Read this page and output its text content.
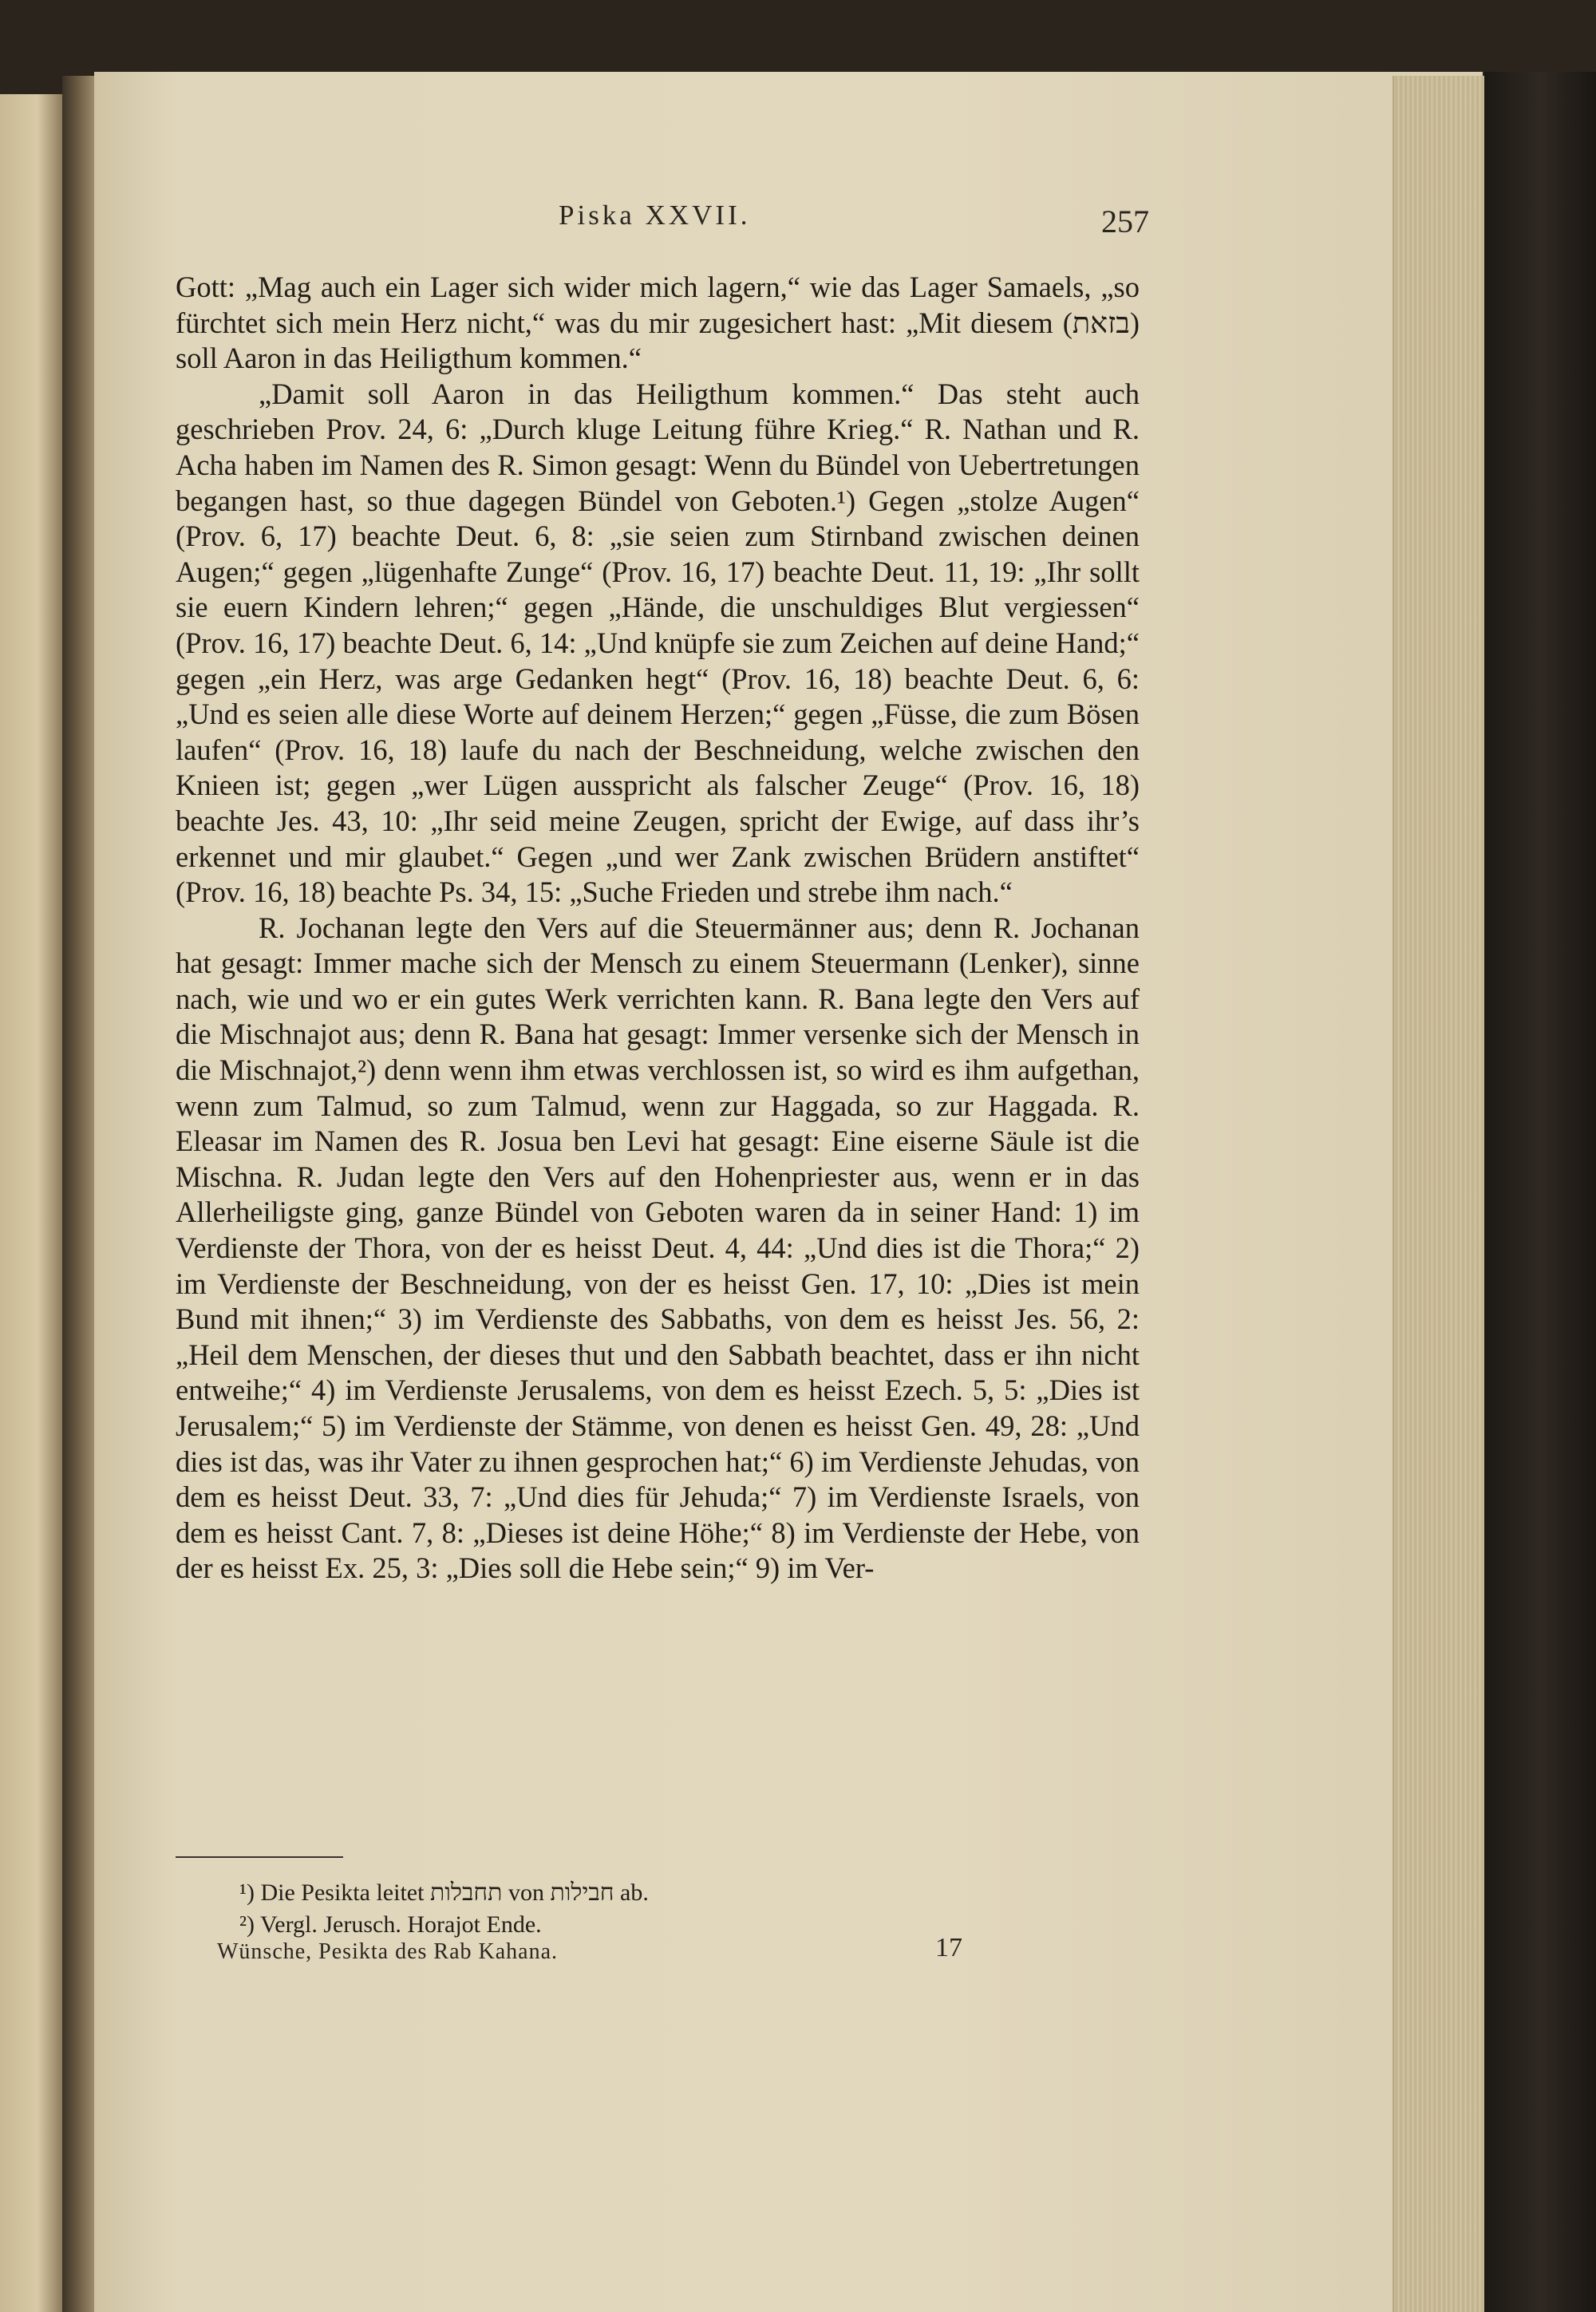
Piska XXVII.	257

Gott: „Mag auch ein Lager sich wider mich lagern,“ wie das Lager Samaels, „so fürchtet sich mein Herz nicht,“ was du mir zugesichert hast: „Mit diesem (בזאת) soll Aaron in das Heiligthum kommen.“

„Damit soll Aaron in das Heiligthum kommen.“ Das steht auch geschrieben Prov. 24, 6: „Durch kluge Leitung führe Krieg.“ R. Nathan und R. Acha haben im Namen des R. Simon gesagt: Wenn du Bündel von Uebertretungen begangen hast, so thue dagegen Bündel von Geboten.¹) Gegen „stolze Augen“ (Prov. 6, 17) beachte Deut. 6, 8: „sie seien zum Stirnband zwischen deinen Augen;“ gegen „lügenhafte Zunge“ (Prov. 16, 17) beachte Deut. 11, 19: „Ihr sollt sie euern Kindern lehren;“ gegen „Hände, die unschuldiges Blut vergiessen“ (Prov. 16, 17) beachte Deut. 6, 14: „Und knüpfe sie zum Zeichen auf deine Hand;“ gegen „ein Herz, was arge Gedanken hegt“ (Prov. 16, 18) beachte Deut. 6, 6: „Und es seien alle diese Worte auf deinem Herzen;“ gegen „Füsse, die zum Bösen laufen“ (Prov. 16, 18) laufe du nach der Beschneidung, welche zwischen den Knieen ist; gegen „wer Lügen ausspricht als falscher Zeuge“ (Prov. 16, 18) beachte Jes. 43, 10: „Ihr seid meine Zeugen, spricht der Ewige, auf dass ihr’s erkennet und mir glaubet.“ Gegen „und wer Zank zwischen Brüdern anstiftet“ (Prov. 16, 18) beachte Ps. 34, 15: „Suche Frieden und strebe ihm nach.“

R. Jochanan legte den Vers auf die Steuermänner aus; denn R. Jochanan hat gesagt: Immer mache sich der Mensch zu einem Steuermann (Lenker), sinne nach, wie und wo er ein gutes Werk verrichten kann. R. Bana legte den Vers auf die Mischnajot aus; denn R. Bana hat gesagt: Immer versenke sich der Mensch in die Mischnajot,²) denn wenn ihm etwas verchlossen ist, so wird es ihm aufgethan, wenn zum Talmud, so zum Talmud, wenn zur Haggada, so zur Haggada. R. Eleasar im Namen des R. Josua ben Levi hat gesagt: Eine eiserne Säule ist die Mischna. R. Judan legte den Vers auf den Hohenpriester aus, wenn er in das Allerheiligste ging, ganze Bündel von Geboten waren da in seiner Hand: 1) im Verdienste der Thora, von der es heisst Deut. 4, 44: „Und dies ist die Thora;“ 2) im Verdienste der Beschneidung, von der es heisst Gen. 17, 10: „Dies ist mein Bund mit ihnen;“ 3) im Verdienste des Sabbaths, von dem es heisst Jes. 56, 2: „Heil dem Menschen, der dieses thut und den Sabbath beachtet, dass er ihn nicht entweihe;“ 4) im Verdienste Jerusalems, von dem es heisst Ezech. 5, 5: „Dies ist Jerusalem;“ 5) im Verdienste der Stämme, von denen es heisst Gen. 49, 28: „Und dies ist das, was ihr Vater zu ihnen gesprochen hat;“ 6) im Verdienste Jehudas, von dem es heisst Deut. 33, 7: „Und dies für Jehuda;“ 7) im Verdienste Israels, von dem es heisst Cant. 7, 8: „Dieses ist deine Höhe;“ 8) im Verdienste der Hebe, von der es heisst Ex. 25, 3: „Dies soll die Hebe sein;“ 9) im Ver-

¹) Die Pesikta leitet תחבלות von חבילות ab.
²) Vergl. Jerusch. Horajot Ende.
Wünsche, Pesikta des Rab Kahana.	17
